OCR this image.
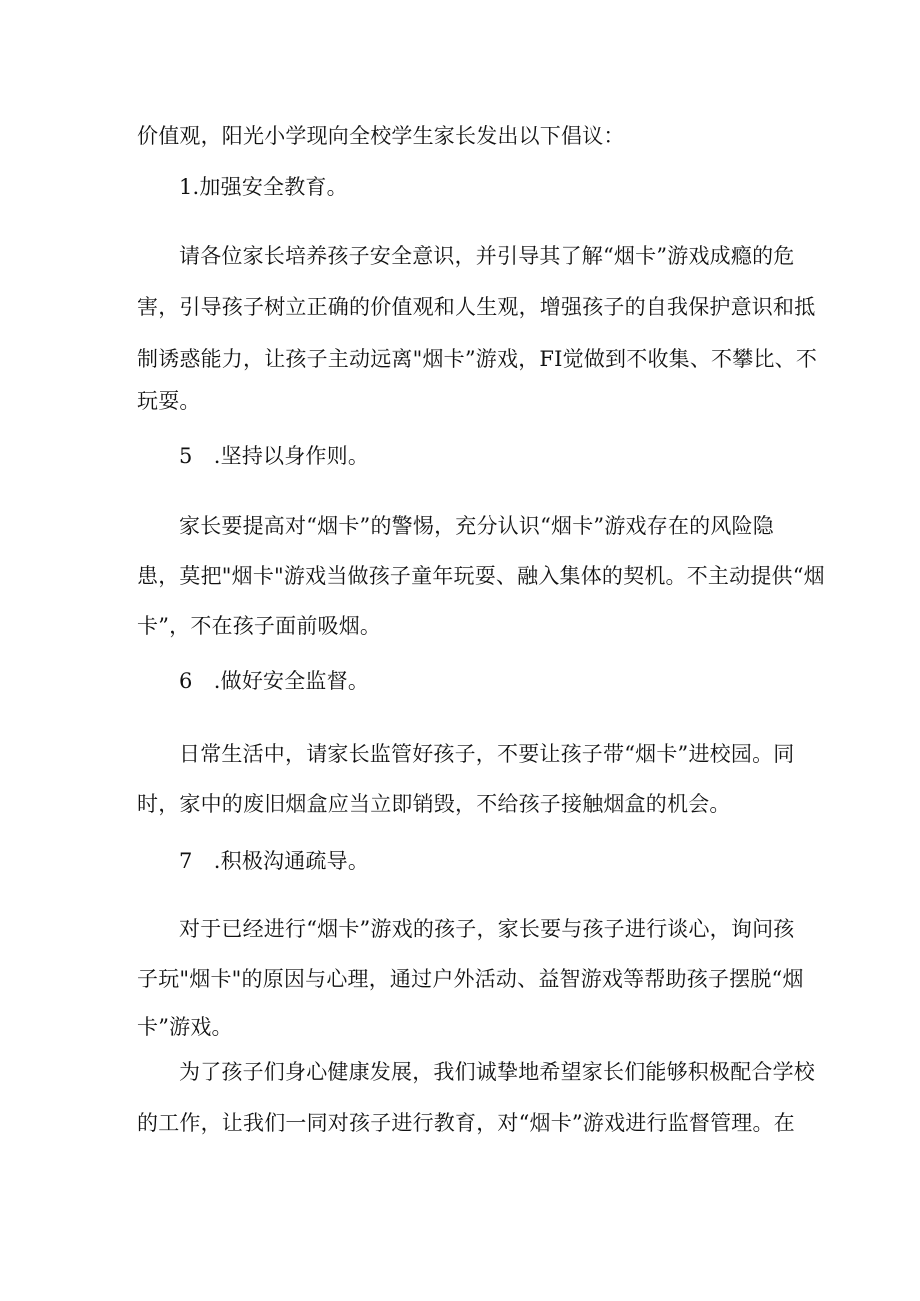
价值观，阳光小学现向全校学生家长发出以下倡议：

1.加强安全教育。

请各位家长培养孩子安全意识，并引导其了解“烟卡”游戏成瘾的危

害，引导孩子树立正确的价值观和人生观，增强孩子的自我保护意识和抵

制诱惑能力，让孩子主动远离"烟卡”游戏，FI觉做到不收集、不攀比、不

玩耍。

5　.坚持以身作则。

家长要提高对“烟卡”的警惕，充分认识“烟卡”游戏存在的风险隐

患，莫把"烟卡"游戏当做孩子童年玩耍、融入集体的契机。不主动提供“烟

卡”，不在孩子面前吸烟。

6　.做好安全监督。

日常生活中，请家长监管好孩子，不要让孩子带“烟卡”进校园。同

时，家中的废旧烟盒应当立即销毁，不给孩子接触烟盒的机会。

7　.积极沟通疏导。

对于已经进行“烟卡”游戏的孩子，家长要与孩子进行谈心，询问孩

子玩"烟卡"的原因与心理，通过户外活动、益智游戏等帮助孩子摆脱“烟

卡”游戏。

为了孩子们身心健康发展，我们诚挚地希望家长们能够积极配合学校

的工作，让我们一同对孩子进行教育，对“烟卡”游戏进行监督管理。在
